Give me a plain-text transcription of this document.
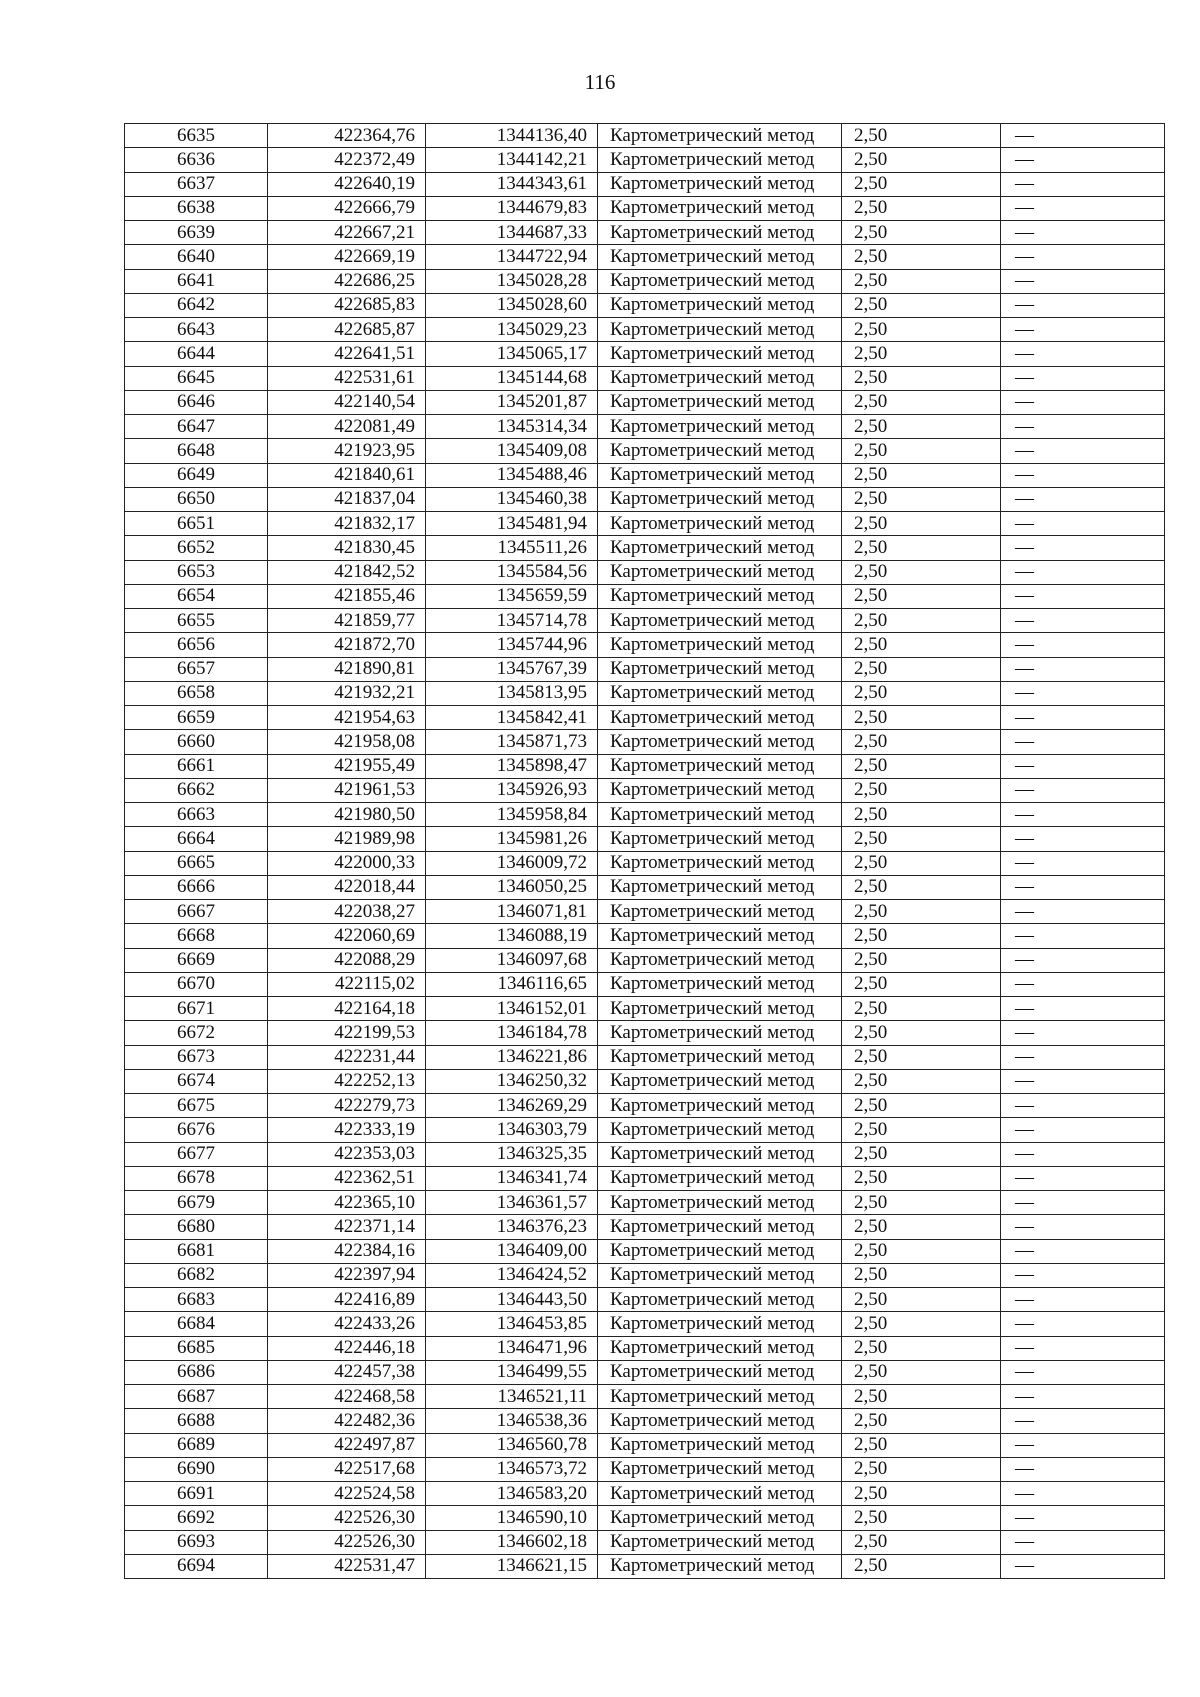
116
6635	422364,76	1344136,40	Картометрический метод	2,50	—
6636	422372,49	1344142,21	Картометрический метод	2,50	—
6637	422640,19	1344343,61	Картометрический метод	2,50	—
6638	422666,79	1344679,83	Картометрический метод	2,50	—
6639	422667,21	1344687,33	Картометрический метод	2,50	—
6640	422669,19	1344722,94	Картометрический метод	2,50	—
6641	422686,25	1345028,28	Картометрический метод	2,50	—
6642	422685,83	1345028,60	Картометрический метод	2,50	—
6643	422685,87	1345029,23	Картометрический метод	2,50	—
6644	422641,51	1345065,17	Картометрический метод	2,50	—
6645	422531,61	1345144,68	Картометрический метод	2,50	—
6646	422140,54	1345201,87	Картометрический метод	2,50	—
6647	422081,49	1345314,34	Картометрический метод	2,50	—
6648	421923,95	1345409,08	Картометрический метод	2,50	—
6649	421840,61	1345488,46	Картометрический метод	2,50	—
6650	421837,04	1345460,38	Картометрический метод	2,50	—
6651	421832,17	1345481,94	Картометрический метод	2,50	—
6652	421830,45	1345511,26	Картометрический метод	2,50	—
6653	421842,52	1345584,56	Картометрический метод	2,50	—
6654	421855,46	1345659,59	Картометрический метод	2,50	—
6655	421859,77	1345714,78	Картометрический метод	2,50	—
6656	421872,70	1345744,96	Картометрический метод	2,50	—
6657	421890,81	1345767,39	Картометрический метод	2,50	—
6658	421932,21	1345813,95	Картометрический метод	2,50	—
6659	421954,63	1345842,41	Картометрический метод	2,50	—
6660	421958,08	1345871,73	Картометрический метод	2,50	—
6661	421955,49	1345898,47	Картометрический метод	2,50	—
6662	421961,53	1345926,93	Картометрический метод	2,50	—
6663	421980,50	1345958,84	Картометрический метод	2,50	—
6664	421989,98	1345981,26	Картометрический метод	2,50	—
6665	422000,33	1346009,72	Картометрический метод	2,50	—
6666	422018,44	1346050,25	Картометрический метод	2,50	—
6667	422038,27	1346071,81	Картометрический метод	2,50	—
6668	422060,69	1346088,19	Картометрический метод	2,50	—
6669	422088,29	1346097,68	Картометрический метод	2,50	—
6670	422115,02	1346116,65	Картометрический метод	2,50	—
6671	422164,18	1346152,01	Картометрический метод	2,50	—
6672	422199,53	1346184,78	Картометрический метод	2,50	—
6673	422231,44	1346221,86	Картометрический метод	2,50	—
6674	422252,13	1346250,32	Картометрический метод	2,50	—
6675	422279,73	1346269,29	Картометрический метод	2,50	—
6676	422333,19	1346303,79	Картометрический метод	2,50	—
6677	422353,03	1346325,35	Картометрический метод	2,50	—
6678	422362,51	1346341,74	Картометрический метод	2,50	—
6679	422365,10	1346361,57	Картометрический метод	2,50	—
6680	422371,14	1346376,23	Картометрический метод	2,50	—
6681	422384,16	1346409,00	Картометрический метод	2,50	—
6682	422397,94	1346424,52	Картометрический метод	2,50	—
6683	422416,89	1346443,50	Картометрический метод	2,50	—
6684	422433,26	1346453,85	Картометрический метод	2,50	—
6685	422446,18	1346471,96	Картометрический метод	2,50	—
6686	422457,38	1346499,55	Картометрический метод	2,50	—
6687	422468,58	1346521,11	Картометрический метод	2,50	—
6688	422482,36	1346538,36	Картометрический метод	2,50	—
6689	422497,87	1346560,78	Картометрический метод	2,50	—
6690	422517,68	1346573,72	Картометрический метод	2,50	—
6691	422524,58	1346583,20	Картометрический метод	2,50	—
6692	422526,30	1346590,10	Картометрический метод	2,50	—
6693	422526,30	1346602,18	Картометрический метод	2,50	—
6694	422531,47	1346621,15	Картометрический метод	2,50	—
